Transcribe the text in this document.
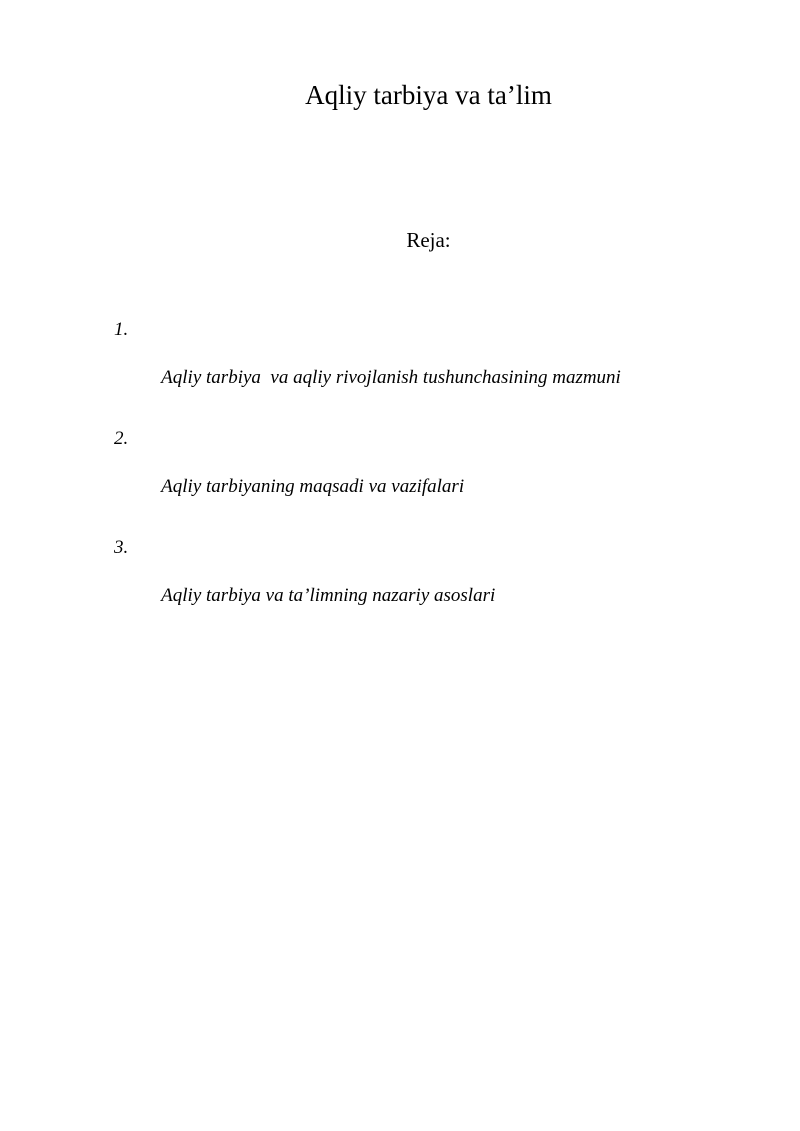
Aqliy tarbiya va ta’lim

Reja:

1.

Aqliy tarbiya  va aqliy rivojlanish tushunchasining mazmuni

2.

Aqliy tarbiyaning maqsadi va vazifalari

3.

Aqliy tarbiya va ta’limning nazariy asoslari
